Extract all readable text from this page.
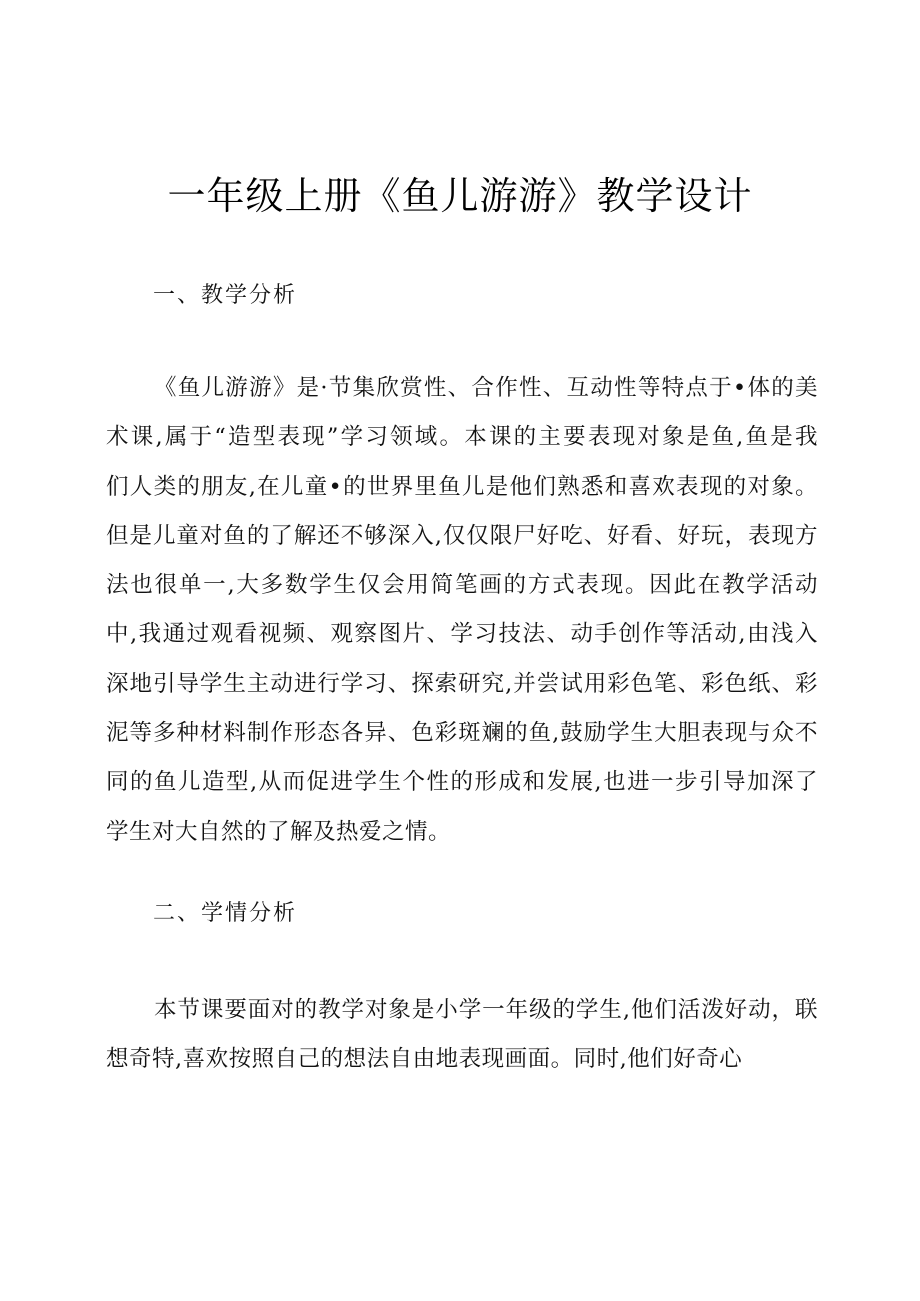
一年级上册《鱼儿游游》教学设计
一、教学分析
《鱼儿游游》是·节集欣赏性、合作性、互动性等特点于•体的美
术课,属于“造型表现”学习领域。本课的主要表现对象是鱼,鱼是我
们人类的朋友,在儿童•的世界里鱼儿是他们熟悉和喜欢表现的对象。
但是儿童对鱼的了解还不够深入,仅仅限尸好吃、好看、好玩，表现方
法也很单一,大多数学生仅会用简笔画的方式表现。因此在教学活动
中,我通过观看视频、观察图片、学习技法、动手创作等活动,由浅入
深地引导学生主动进行学习、探索研究,并尝试用彩色笔、彩色纸、彩
泥等多种材料制作形态各异、色彩斑斓的鱼,鼓励学生大胆表现与众不
同的鱼儿造型,从而促进学生个性的形成和发展,也进一步引导加深了
学生对大自然的了解及热爱之情。
二、学情分析
本节课要面对的教学对象是小学一年级的学生,他们活泼好动，联
想奇特,喜欢按照自己的想法自由地表现画面。同时,他们好奇心
